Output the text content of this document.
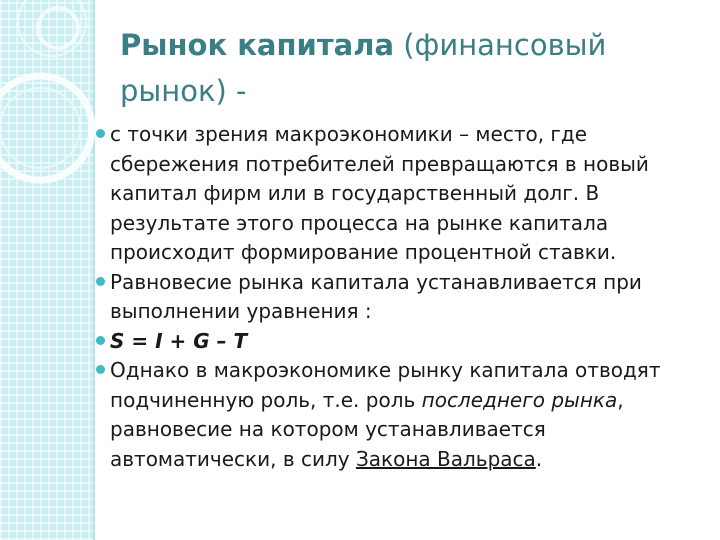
Рынок капитала (финансовый рынок) -
с точки зрения макроэкономики – место, где сбережения потребителей превращаются в новый капитал фирм или в государственный долг. В результате этого процесса на рынке капитала происходит формирование процентной ставки.
Равновесие рынка капитала устанавливается при выполнении уравнения :
S = I + G – T
Однако в макроэкономике рынку капитала отводят подчиненную роль, т.е. роль последнего рынка, равновесие на котором устанавливается автоматически, в силу Закона Вальраса.
